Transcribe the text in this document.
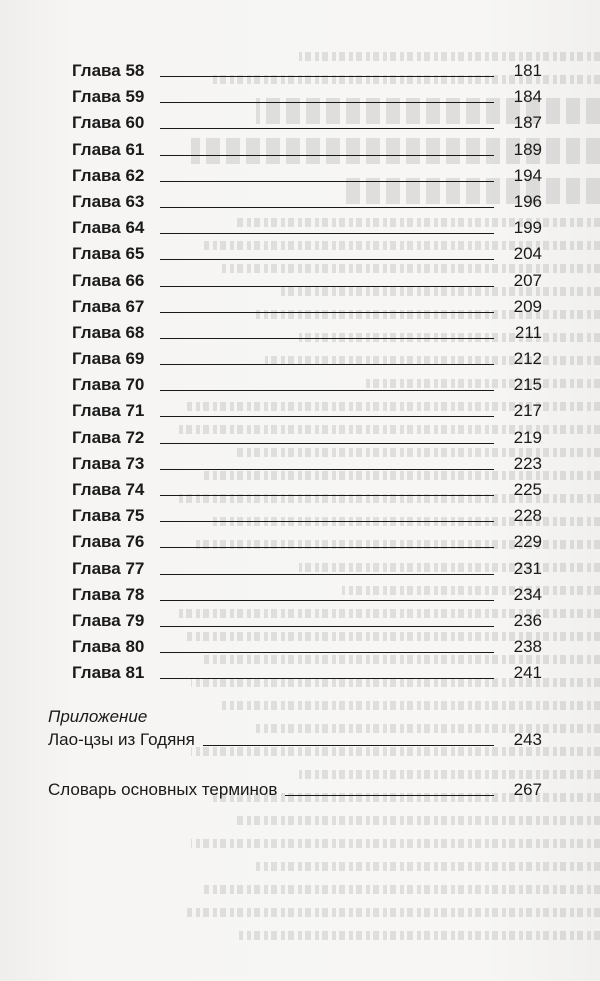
Глава 58	181
Глава 59	184
Глава 60	187
Глава 61	189
Глава 62	194
Глава 63	196
Глава 64	199
Глава 65	204
Глава 66	207
Глава 67	209
Глава 68	211
Глава 69	212
Глава 70	215
Глава 71	217
Глава 72	219
Глава 73	223
Глава 74	225
Глава 75	228
Глава 76	229
Глава 77	231
Глава 78	234
Глава 79	236
Глава 80	238
Глава 81	241
Приложение
Лао-цзы из Годяня	243
Словарь основных терминов	267
